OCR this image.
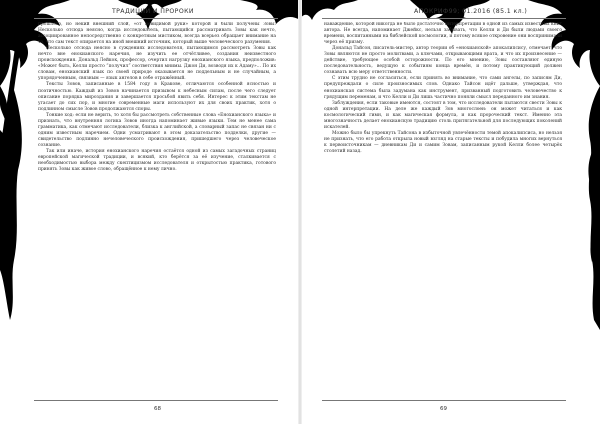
ТРАДИЦИИ И ПРОРОКИ

прошлого, но некий внешний слой, «от невидимой руки» которой и были получены Зовы. Несколько отсюда неясно, когда исследователь, пытающийся рассматривать Зовы как нечто, ассоциированное непосредственно с конкретным мистиком, всегда всерьез обращает внимание на то, что сам текст опирается на иной внешний источник, который выше человеческого разумения.

Несколько отсюда неясно в суждениях исследователя, пытающимся рассмотреть Зовы как нечто вне енохианского наречия, не изучить ее отчётливее, создания неизвестного происхождения. Дональд Лейкок, профессор, очертил нагрузку енохианского языка, предположив: «Может быть, Келли просто “получил” соответствия мнимы. Джон Ди, возводя их к Адаму»... По их словам, енохианский язык по своей природе оказывается не поддельным и не случайным, а упорядоченным, связным — язык ангелов в себе отражённый.

Тексты Зовов, записанные в 1584 году в Кракове, отличаются особенной ясностью и поэтичностью. Каждый из Зовов начинается призывом к небесным силам, после чего следует описание порядка мироздания и завершается просьбой явить себя. Интерес к этим текстам не угасает до сих пор, и многие современные маги используют их для своих практик, хотя о подлинном смысле Зовов продолжаются споры.

Тонкие ход: если не верить, то хотя бы рассмотреть собственные слова «Енохианского языка» и признать, что внутренняя логика Зовов иногда напоминает живые языки. Тем не менее сама грамматика, как отмечают исследователи, близка к английской, а словарный запас не связан ни с одним известным наречием. Одни усматривают в этом доказательство подделки, другие — свидетельство подлинно нечеловеческого происхождения, пришедшего через человеческое сознание.

Так или иначе, история енохианского наречия остаётся одной из самых загадочных страниц европейской магической традиции, и всякий, кто берётся за её изучение, сталкивается с необходимостью выбора между скептицизмом исследователя и открытостью практика, готового принять Зовы как живое слово, обращённое к нему лично.

68
АПОКРИФ99; 01.2016 (85.1 кл.)

наваждение, которой никогда не было достаточно интерпретации в одной из самых известных книг автора. Не всегда, напоминает Джейкс, нельзя забывать, что Келли и Ди были людьми своего времени, воспитанными на библейской космологии, и потому всякое откровение они воспринимали через её призму.

Дональд Тайсон, писатель-мистер, автор теории об «енохианской» апокалипсису, отмечает, что Зовы являются не просто молитвами, а ключами, открывающими врата, и что их произнесение — действие, требующее особой осторожности. По его мнению, Зовы составляют единую последовательность, ведущую к событиям конца времён, и потому практикующий должен сознавать всю меру ответственности.

С этим трудно не согласиться, если принять во внимание, что сами ангелы, по записям Ди, предупреждали о силе произносимых слов. Однако Тайсон идёт дальше, утверждая, что енохианская система была задумана как инструмент, призванный подготовить человечество к грядущим переменам, и что Келли и Ди лишь частично поняли смысл переданного им знания.

Заблуждения, если таковые имеются, состоят в том, что исследователи пытаются свести Зовы к одной интерпретации. На деле же каждый Зов многослоен: он может читаться и как космологический гимн, и как магическая формула, и как пророческий текст. Именно эта многозначность делает енохианскую традицию столь притягательной для последующих поколений искателей.

Можно было бы упрекнуть Тайсона в избыточной увлечённости темой апокалипсиса, но нельзя не признать, что его работа открыла новый взгляд на старые тексты и побудила многих вернуться к первоисточникам — дневникам Ди и самим Зовам, записанным рукой Келли более четырёх столетий назад.

69
